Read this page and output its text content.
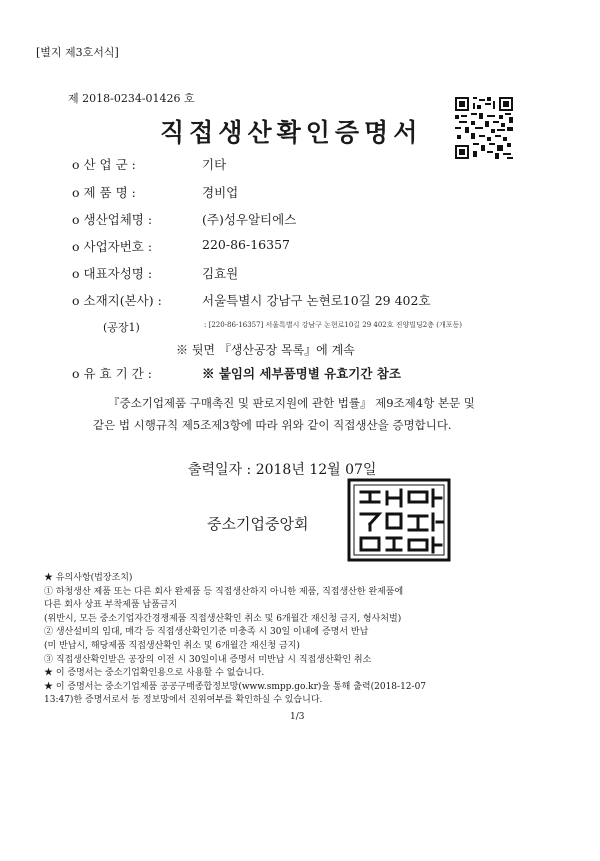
[별지 제3호서식]
제 2018-0234-01426 호
직접생산확인증명서
o 산 업 군 :	기타
o 제 품 명 :	경비업
o 생산업체명 :	(주)성우알티에스
o 사업자번호 :	220-86-16357
o 대표자성명 :	김효원
o 소재지(본사) :	서울특별시 강남구 논현로10길 29 402호
(공장1)	: [220-86-16357] 서울특별시 강남구 논현로10길 29 402호 진양빌딩2층 (개포동)
※ 뒷면 『생산공장 목록』에 계속
o 유 효 기 간 :	※ 붙임의 세부품명별 유효기간 참조
『중소기업제품 구매촉진 및 판로지원에 관한 법률』 제9조제4항 본문 및
같은 법 시행규칙 제5조제3항에 따라 위와 같이 직접생산을 증명합니다.
출력일자 : 2018년 12월 07일
중소기업중앙회
★ 유의사항(법장조치)
① 하청생산 제품 또는 다른 회사 완제품 등 직접생산하지 아니한 제품, 직접생산한 완제품에
다른 회사 상표 부착제품 납품금지
(위반시, 모든 중소기업자간경쟁제품 직접생산확인 취소 및 6개월간 재신청 금지, 형사처벌)
② 생산설비의 임대, 매각 등 직접생산확인기준 미충족 시 30일 이내에 증명서 반납
(미 반납시, 해당제품 직접생산확인 취소 및 6개월간 재신청 금지)
③ 직접생산확인받은 공장의 이전 시 30일이내 증명서 미반납 시 직접생산확인 취소
★ 이 증명서는 중소기업확인용으로 사용할 수 없습니다.
★ 이 증명서는 중소기업제품 공공구매종합정보망(www.smpp.go.kr)을 통해 출력(2018-12-07
13:47)한 증명서로서 동 정보망에서 진위여부를 확인하실 수 있습니다.
1/3
